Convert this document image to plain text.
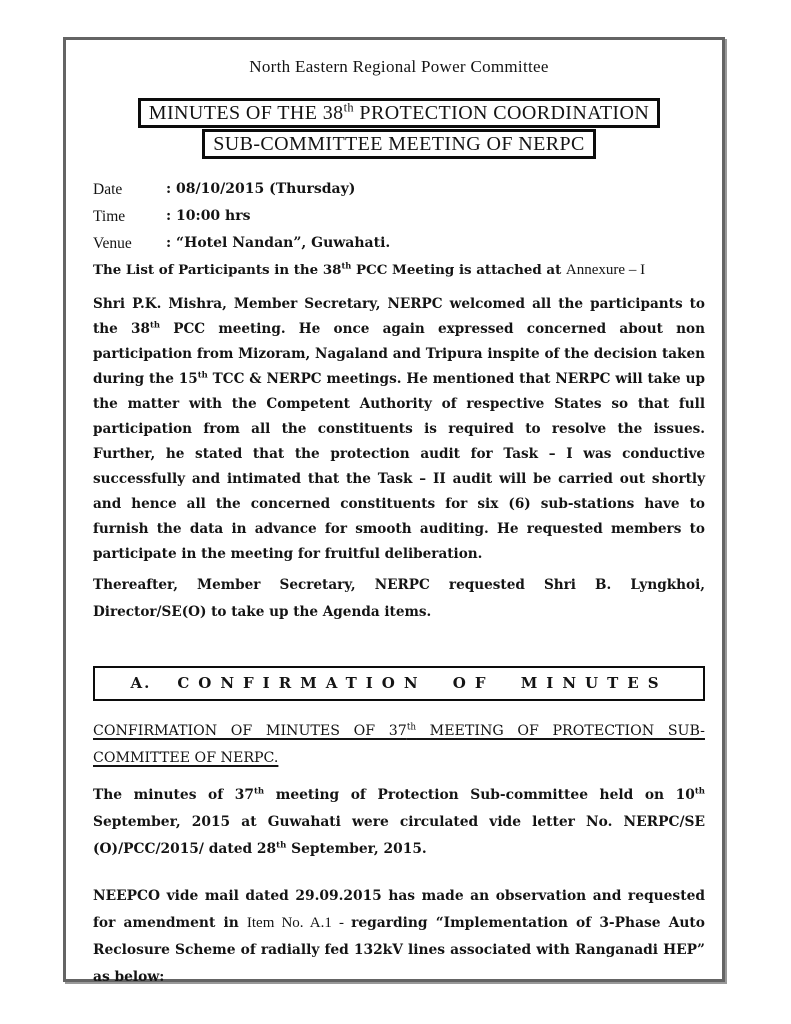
North Eastern Regional Power Committee
MINUTES OF THE 38th PROTECTION COORDINATION
SUB-COMMITTEE MEETING OF NERPC
Date	: 08/10/2015 (Thursday)
Time	: 10:00 hrs
Venue	: “Hotel Nandan”, Guwahati.
The List of Participants in the 38th PCC Meeting is attached at Annexure – I
Shri P.K. Mishra, Member Secretary, NERPC welcomed all the participants to the 38th PCC meeting. He once again expressed concerned about non participation from Mizoram, Nagaland and Tripura inspite of the decision taken during the 15th TCC & NERPC meetings. He mentioned that NERPC will take up the matter with the Competent Authority of respective States so that full participation from all the constituents is required to resolve the issues. Further, he stated that the protection audit for Task – I was conductive successfully and intimated that the Task – II audit will be carried out shortly and hence all the concerned constituents for six (6) sub-stations have to furnish the data in advance for smooth auditing. He requested members to participate in the meeting for fruitful deliberation.
Thereafter, Member Secretary, NERPC requested Shri B. Lyngkhoi, Director/SE(O) to take up the Agenda items.
A. CONFIRMATION OF MINUTES
CONFIRMATION OF MINUTES OF 37th MEETING OF PROTECTION SUB-
COMMITTEE OF NERPC.
The minutes of 37th meeting of Protection Sub-committee held on 10th September, 2015 at Guwahati were circulated vide letter No. NERPC/SE (O)/PCC/2015/ dated 28th September, 2015.
NEEPCO vide mail dated 29.09.2015 has made an observation and requested for amendment in Item No. A.1 - regarding “Implementation of 3-Phase Auto Reclosure Scheme of radially fed 132kV lines associated with Ranganadi HEP” as below:
